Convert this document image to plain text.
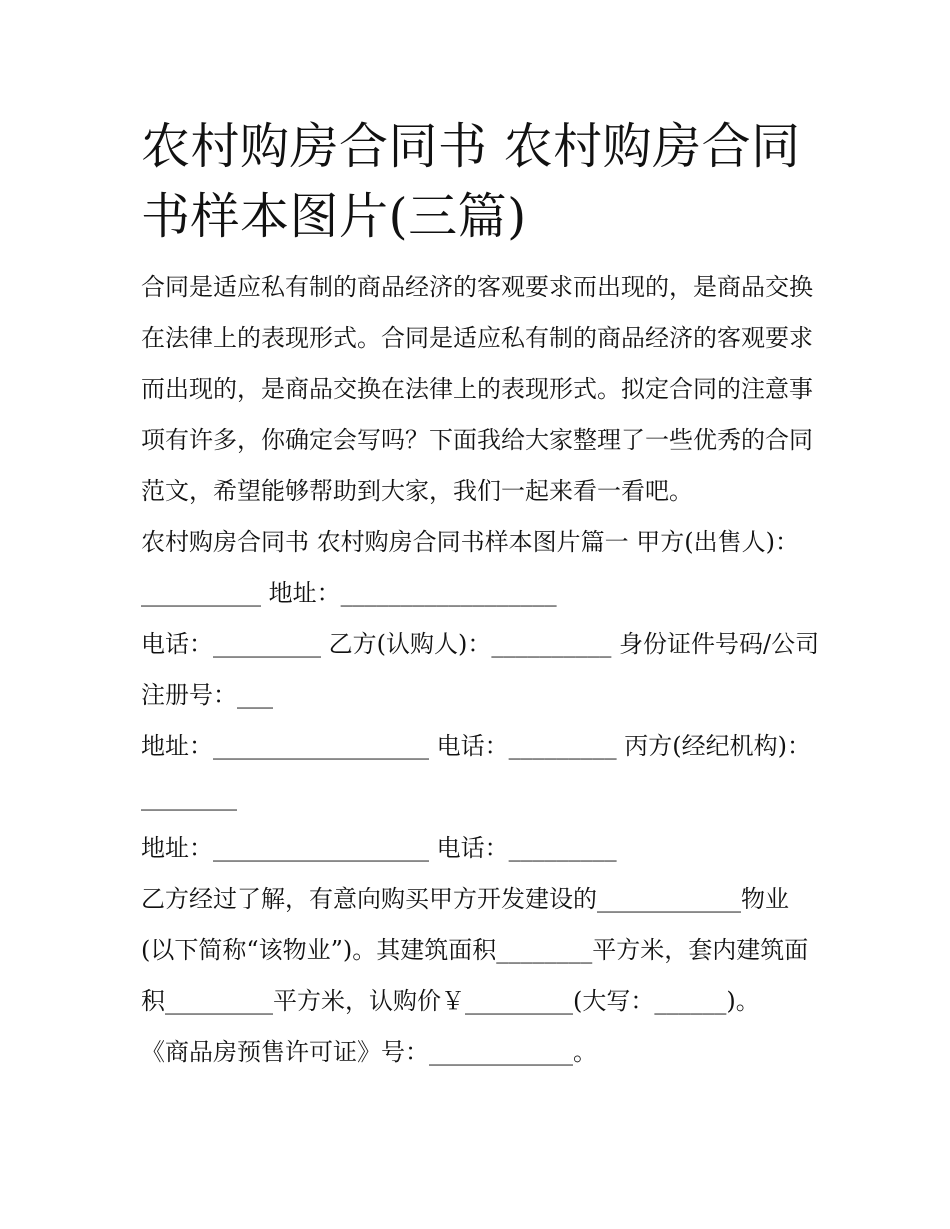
农村购房合同书 农村购房合同书样本图片(三篇)

合同是适应私有制的商品经济的客观要求而出现的，是商品交换在法律上的表现形式。合同是适应私有制的商品经济的客观要求而出现的，是商品交换在法律上的表现形式。拟定合同的注意事项有许多，你确定会写吗？下面我给大家整理了一些优秀的合同范文，希望能够帮助到大家，我们一起来看一看吧。

农村购房合同书 农村购房合同书样本图片篇一 甲方(出售人)：__________ 地址：__________________

电话：_________ 乙方(认购人)：__________ 身份证件号码/公司注册号：___

地址：__________________ 电话：_________ 丙方(经纪机构)：________

地址：__________________ 电话：_________

乙方经过了解，有意向购买甲方开发建设的____________物业(以下简称“该物业”)。其建筑面积________平方米，套内建筑面积_________平方米，认购价￥_________(大写：______)。

《商品房预售许可证》号：____________。
